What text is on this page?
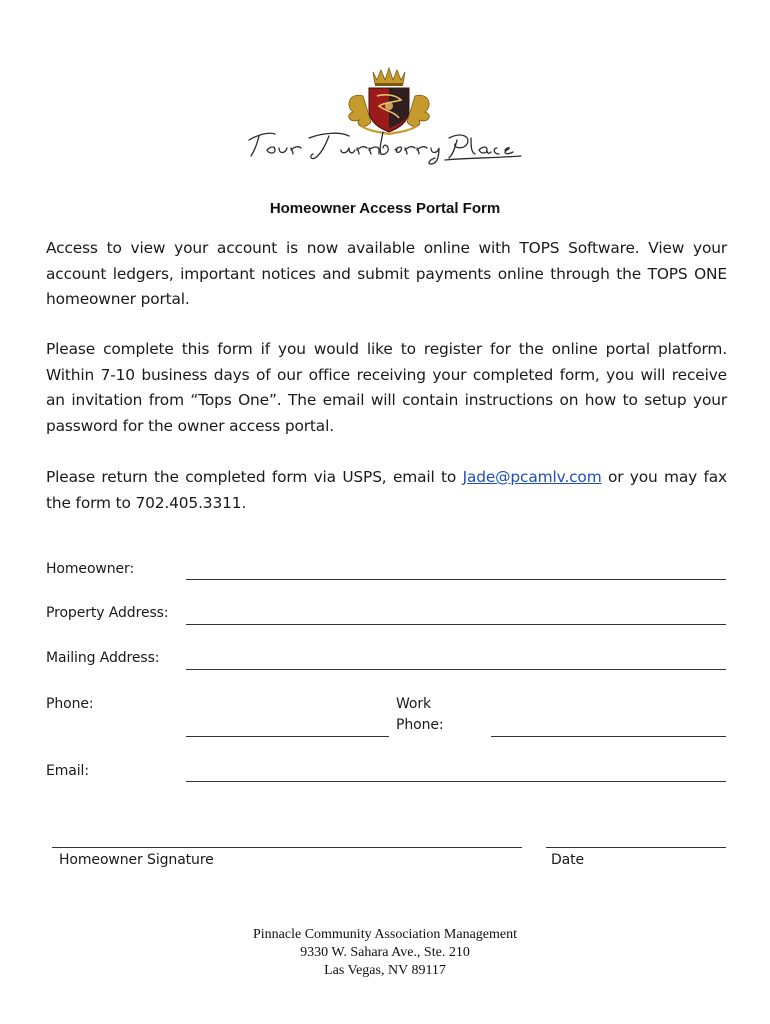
Homeowner Access Portal Form

Access to view your account is now available online with TOPS Software. View your account ledgers, important notices and submit payments online through the TOPS ONE homeowner portal.

Please complete this form if you would like to register for the online portal platform. Within 7-10 business days of our office receiving your completed form, you will receive an invitation from “Tops One”. The email will contain instructions on how to setup your password for the owner access portal.

Please return the completed form via USPS, email to Jade@pcamlv.com or you may fax the form to 702.405.3311.

Homeowner:
Property Address:
Mailing Address:
Phone:	Work
Phone:
Email:
Homeowner Signature	Date
Pinnacle Community Association Management
9330 W. Sahara Ave., Ste. 210
Las Vegas, NV 89117
